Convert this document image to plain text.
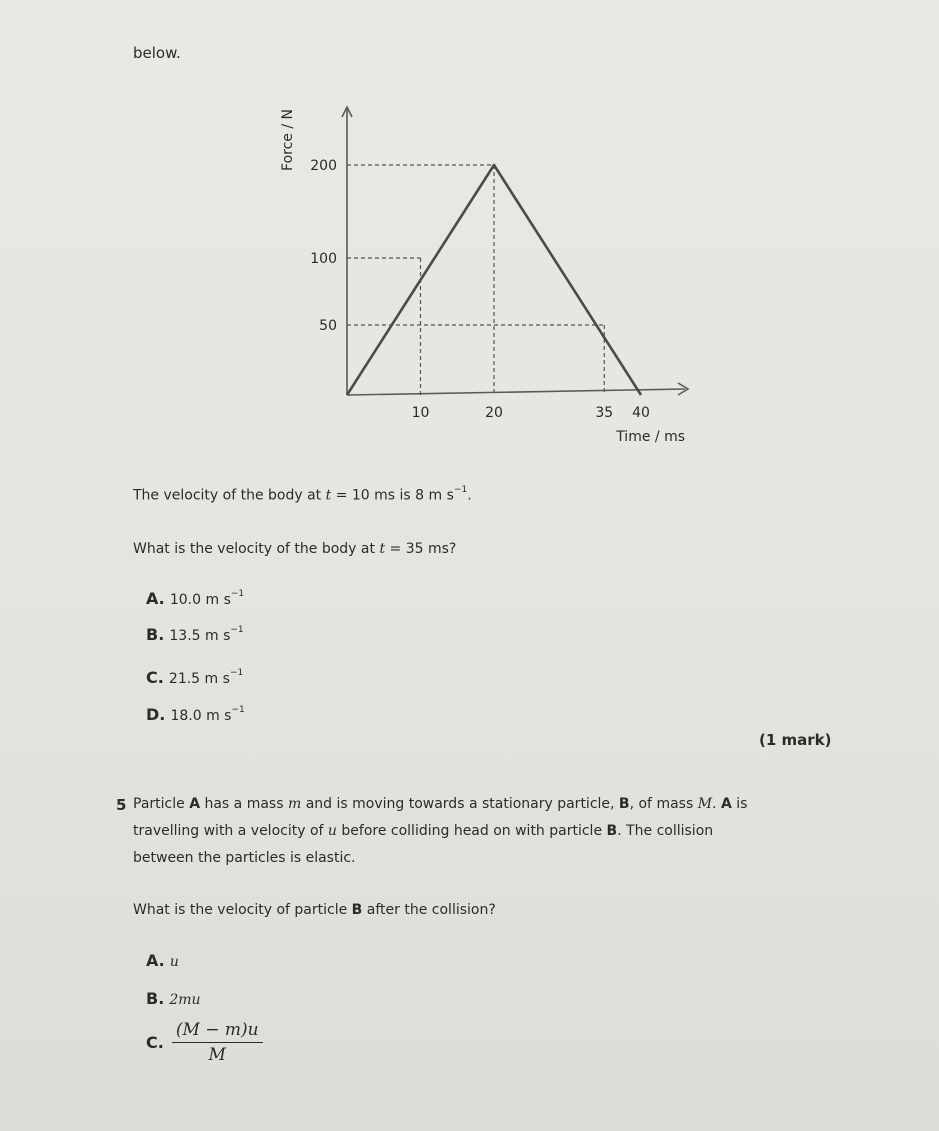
below.
50
100
200
10	20	35 40
Time / ms
Force / N
The velocity of the body at t = 10 ms is 8 m $s^{-1}$.
What is the velocity of the body at t = 35 ms?
A. 10.0 m $s^{-1}$
B. 13.5 m $s^{-1}$
C. 21.5 m $s^{-1}$
D. 18.0 m $s^{-1}$
(1 mark)
5 Particle A has a mass m and is moving towards a stationary particle, B, of mass M. A is
travelling with a velocity of u before colliding head on with particle B. The collision
between the particles is elastic.
What is the velocity of particle B after the collision?
A. u
B. 2mu
C. $\frac{(M - m)u}{M}$
